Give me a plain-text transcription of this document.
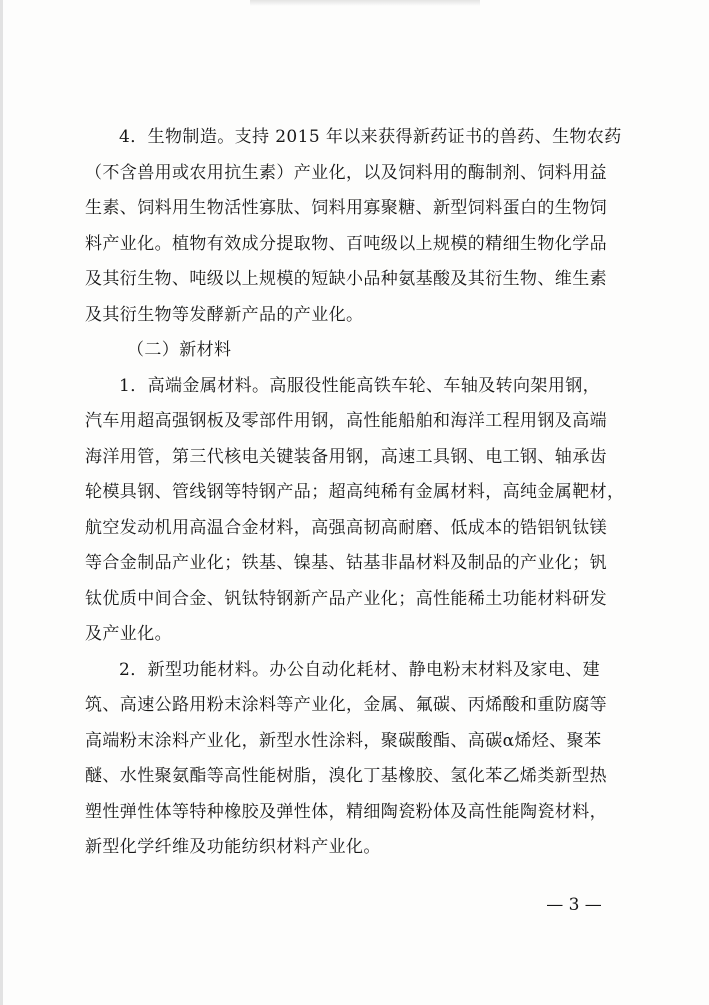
4．生物制造。支持 2015 年以来获得新药证书的兽药、生物农药
（不含兽用或农用抗生素）产业化，以及饲料用的酶制剂、饲料用益
生素、饲料用生物活性寡肽、饲料用寡聚糖、新型饲料蛋白的生物饲
料产业化。植物有效成分提取物、百吨级以上规模的精细生物化学品
及其衍生物、吨级以上规模的短缺小品种氨基酸及其衍生物、维生素
及其衍生物等发酵新产品的产业化。
（二）新材料
1．高端金属材料。高服役性能高铁车轮、车轴及转向架用钢，
汽车用超高强钢板及零部件用钢，高性能船舶和海洋工程用钢及高端
海洋用管，第三代核电关键装备用钢，高速工具钢、电工钢、轴承齿
轮模具钢、管线钢等特钢产品；超高纯稀有金属材料，高纯金属靶材，
航空发动机用高温合金材料，高强高韧高耐磨、低成本的锆铝钒钛镁
等合金制品产业化；铁基、镍基、钴基非晶材料及制品的产业化；钒
钛优质中间合金、钒钛特钢新产品产业化；高性能稀土功能材料研发
及产业化。
2．新型功能材料。办公自动化耗材、静电粉末材料及家电、建
筑、高速公路用粉末涂料等产业化，金属、氟碳、丙烯酸和重防腐等
高端粉末涂料产业化，新型水性涂料，聚碳酸酯、高碳α烯烃、聚苯
醚、水性聚氨酯等高性能树脂，溴化丁基橡胶、氢化苯乙烯类新型热
塑性弹性体等特种橡胶及弹性体，精细陶瓷粉体及高性能陶瓷材料，
新型化学纤维及功能纺织材料产业化。
— 3 —
